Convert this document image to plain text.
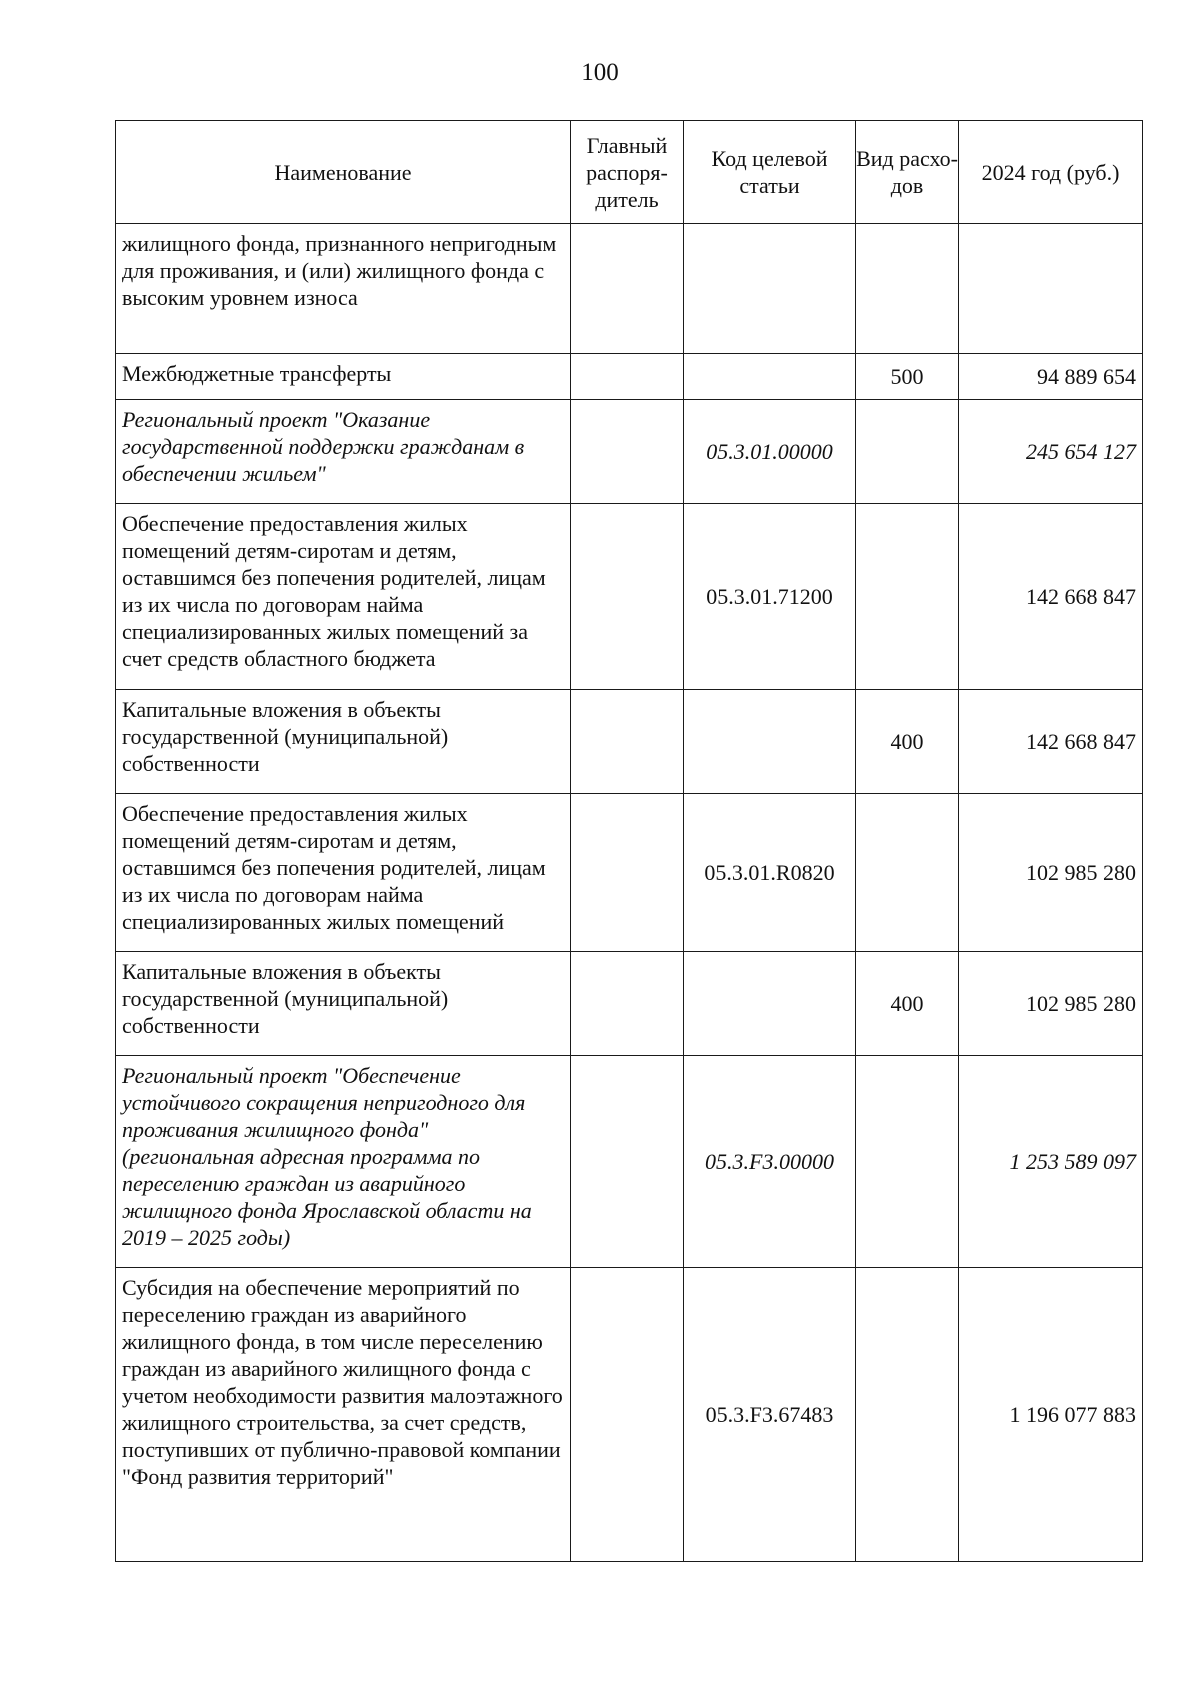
100
Наименование	Главный распоря-дитель	Код целевой статьи	Вид расхо-дов	2024 год (руб.)
жилищного фонда, признанного непригодным для проживания, и (или) жилищного фонда с высоким уровнем износа				
Межбюджетные трансферты			500	94 889 654
Региональный проект "Оказание государственной поддержки гражданам в обеспечении жильем"		05.3.01.00000		245 654 127
Обеспечение предоставления жилых помещений детям-сиротам и детям, оставшимся без попечения родителей, лицам из их числа по договорам найма специализированных жилых помещений за счет средств областного бюджета		05.3.01.71200		142 668 847
Капитальные вложения в объекты государственной (муниципальной) собственности			400	142 668 847
Обеспечение предоставления жилых помещений детям-сиротам и детям, оставшимся без попечения родителей, лицам из их числа по договорам найма специализированных жилых помещений		05.3.01.R0820		102 985 280
Капитальные вложения в объекты государственной (муниципальной) собственности			400	102 985 280
Региональный проект "Обеспечение устойчивого сокращения непригодного для проживания жилищного фонда" (региональная адресная программа по переселению граждан из аварийного жилищного фонда Ярославской области на 2019 – 2025 годы)		05.3.F3.00000		1 253 589 097
Субсидия на обеспечение мероприятий по переселению граждан из аварийного жилищного фонда, в том числе переселению граждан из аварийного жилищного фонда с учетом необходимости развития малоэтажного жилищного строительства, за счет средств, поступивших от публично-правовой компании "Фонд развития территорий"		05.3.F3.67483		1 196 077 883
